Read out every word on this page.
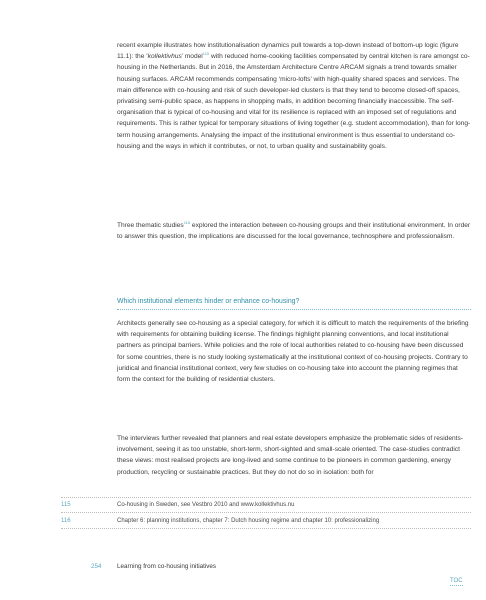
recent example illustrates how institutionalisation dynamics pull towards a top-down instead of bottom-up logic (figure 11.1): the ‘kollektivhus’ model$^{115}$ with reduced home-cooking facilities compensated by central kitchen is rare amongst co-housing in the Netherlands. But in 2016, the Amsterdam Architecture Centre ARCAM signals a trend towards smaller housing surfaces. ARCAM recommends compensating ‘micro-lofts’ with high-quality shared spaces and services. The main difference with co-housing and risk of such developer-led clusters is that they tend to become closed-off spaces, privatising semi-public space, as happens in shopping malls, in addition becoming financially inaccessible. The self-organisation that is typical of co-housing and vital for its resilience is replaced with an imposed set of regulations and requirements. This is rather typical for temporary situations of living together (e.g. student accommodation), than for long-term housing arrangements. Analysing the impact of the institutional environment is thus essential to understand co-housing and the ways in which it contributes, or not, to urban quality and sustainability goals.

Three thematic studies$^{116}$ explored the interaction between co-housing groups and their institutional environment. In order to answer this question, the implications are discussed for the local governance, technosphere and professionalism.

Which institutional elements hinder or enhance co-housing?

Architects generally see co-housing as a special category, for which it is difficult to match the requirements of the briefing with requirements for obtaining building license. The findings highlight planning conventions, and local institutional partners as principal barriers. While policies and the role of local authorities related to co-housing have been discussed for some countries, there is no study looking systematically at the institutional context of co-housing projects. Contrary to juridical and financial institutional context, very few studies on co-housing take into account the planning regimes that form the context for the building of residential clusters.

The interviews further revealed that planners and real estate developers emphasize the problematic sides of residents-involvement, seeing it as too unstable, short-term, short-sighted and small-scale oriented. The case-studies contradict these views: most realised projects are long-lived and some continue to be pioneers in common gardening, energy production, recycling or sustainable practices. But they do not do so in isolation: both for

115	Co-housing in Sweden, see Vestbro 2010 and www.kollektivhus.nu
116	Chapter 6: planning institutions, chapter 7: Dutch housing regime and chapter 10: professionalizing
254 Learning from co-housing initiatives
TOC
